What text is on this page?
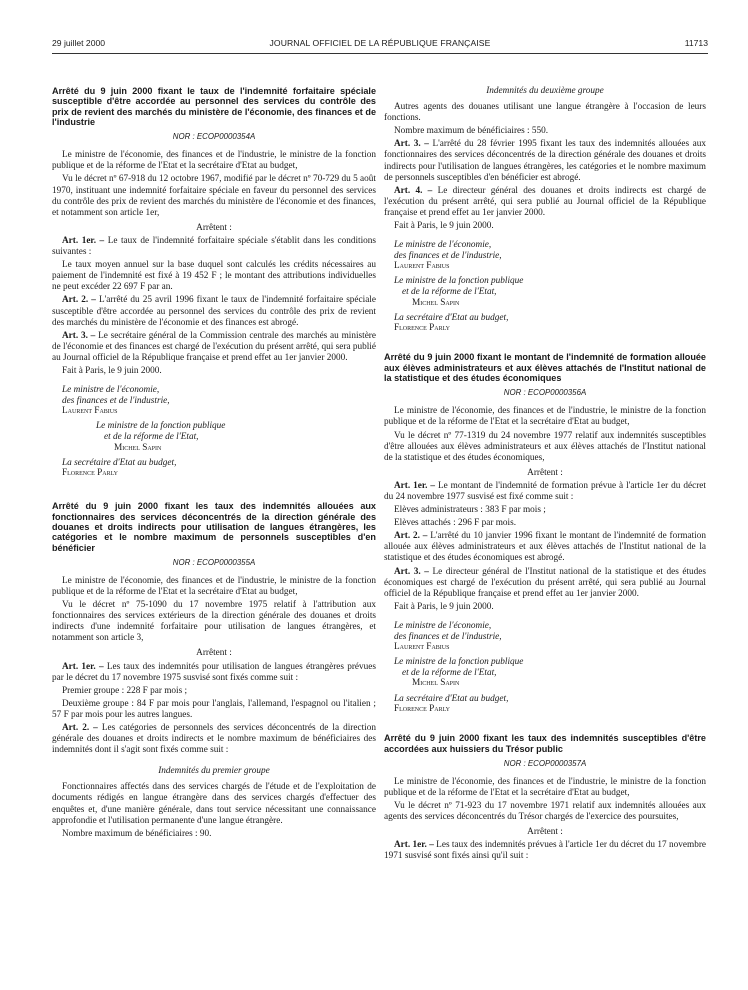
29 juillet 2000	JOURNAL OFFICIEL DE LA RÉPUBLIQUE FRANÇAISE	11713

Arrêté du 9 juin 2000 fixant le taux de l'indemnité forfaitaire spéciale susceptible d'être accordée au personnel des services du contrôle des prix de revient des marchés du ministère de l'économie, des finances et de l'industrie

NOR : ECOP0000354A

Le ministre de l'économie, des finances et de l'industrie, le ministre de la fonction publique et de la réforme de l'Etat et la secrétaire d'Etat au budget,

Vu le décret nº 67-918 du 12 octobre 1967, modifié par le décret nº 70-729 du 5 août 1970, instituant une indemnité forfaitaire spéciale en faveur du personnel des services du contrôle des prix de revient des marchés du ministère de l'économie et des finances, et notamment son article 1er,

Arrêtent :

Art. 1er. – Le taux de l'indemnité forfaitaire spéciale s'établit dans les conditions suivantes :

Le taux moyen annuel sur la base duquel sont calculés les crédits nécessaires au paiement de l'indemnité est fixé à 19 452 F ; le montant des attributions individuelles ne peut excéder 22 697 F par an.

Art. 2. – L'arrêté du 25 avril 1996 fixant le taux de l'indemnité forfaitaire spéciale susceptible d'être accordée au personnel des services du contrôle des prix de revient des marchés du ministère de l'économie et des finances est abrogé.

Art. 3. – Le secrétaire général de la Commission centrale des marchés au ministère de l'économie et des finances est chargé de l'exécution du présent arrêté, qui sera publié au Journal officiel de la République française et prend effet au 1er janvier 2000.

Fait à Paris, le 9 juin 2000.

Le ministre de l'économie,

des finances et de l'industrie,

Laurent Fabius

Le ministre de la fonction publique

et de la réforme de l'Etat,

Michel Sapin

La secrétaire d'Etat au budget,

Florence Parly

Arrêté du 9 juin 2000 fixant les taux des indemnités allouées aux fonctionnaires des services déconcentrés de la direction générale des douanes et droits indirects pour utilisation de langues étrangères, les catégories et le nombre maximum de personnels susceptibles d'en bénéficier

NOR : ECOP0000355A

Le ministre de l'économie, des finances et de l'industrie, le ministre de la fonction publique et de la réforme de l'Etat et la secrétaire d'Etat au budget,

Vu le décret nº 75-1090 du 17 novembre 1975 relatif à l'attribution aux fonctionnaires des services extérieurs de la direction générale des douanes et droits indirects d'une indemnité forfaitaire pour utilisation de langues étrangères, et notamment son article 3,

Arrêtent :

Art. 1er. – Les taux des indemnités pour utilisation de langues étrangères prévues par le décret du 17 novembre 1975 susvisé sont fixés comme suit :

Premier groupe : 228 F par mois ;

Deuxième groupe : 84 F par mois pour l'anglais, l'allemand, l'espagnol ou l'italien ; 57 F par mois pour les autres langues.

Art. 2. – Les catégories de personnels des services déconcentrés de la direction générale des douanes et droits indirects et le nombre maximum de bénéficiaires des indemnités dont il s'agit sont fixés comme suit :

Indemnités du premier groupe

Fonctionnaires affectés dans des services chargés de l'étude et de l'exploitation de documents rédigés en langue étrangère dans des services chargés d'effectuer des enquêtes et, d'une manière générale, dans tout service nécessitant une connaissance approfondie et l'utilisation permanente d'une langue étrangère.

Nombre maximum de bénéficiaires : 90.

Indemnités du deuxième groupe

Autres agents des douanes utilisant une langue étrangère à l'occasion de leurs fonctions.

Nombre maximum de bénéficiaires : 550.

Art. 3. – L'arrêté du 28 février 1995 fixant les taux des indemnités allouées aux fonctionnaires des services déconcentrés de la direction générale des douanes et droits indirects pour l'utilisation de langues étrangères, les catégories et le nombre maximum de personnels susceptibles d'en bénéficier est abrogé.

Art. 4. – Le directeur général des douanes et droits indirects est chargé de l'exécution du présent arrêté, qui sera publié au Journal officiel de la République française et prend effet au 1er janvier 2000.

Fait à Paris, le 9 juin 2000.

Le ministre de l'économie,

des finances et de l'industrie,

Laurent Fabius

Le ministre de la fonction publique

et de la réforme de l'Etat,

Michel Sapin

La secrétaire d'Etat au budget,

Florence Parly

Arrêté du 9 juin 2000 fixant le montant de l'indemnité de formation allouée aux élèves administrateurs et aux élèves attachés de l'Institut national de la statistique et des études économiques

NOR : ECOP0000356A

Le ministre de l'économie, des finances et de l'industrie, le ministre de la fonction publique et de la réforme de l'Etat et la secrétaire d'Etat au budget,

Vu le décret nº 77-1319 du 24 novembre 1977 relatif aux indemnités susceptibles d'être allouées aux élèves administrateurs et aux élèves attachés de l'Institut national de la statistique et des études économiques,

Arrêtent :

Art. 1er. – Le montant de l'indemnité de formation prévue à l'article 1er du décret du 24 novembre 1977 susvisé est fixé comme suit :

Elèves administrateurs : 383 F par mois ;

Elèves attachés : 296 F par mois.

Art. 2. – L'arrêté du 10 janvier 1996 fixant le montant de l'indemnité de formation allouée aux élèves administrateurs et aux élèves attachés de l'Institut national de la statistique et des études économiques est abrogé.

Art. 3. – Le directeur général de l'Institut national de la statistique et des études économiques est chargé de l'exécution du présent arrêté, qui sera publié au Journal officiel de la République française et prend effet au 1er janvier 2000.

Fait à Paris, le 9 juin 2000.

Le ministre de l'économie,

des finances et de l'industrie,

Laurent Fabius

Le ministre de la fonction publique

et de la réforme de l'Etat,

Michel Sapin

La secrétaire d'Etat au budget,

Florence Parly

Arrêté du 9 juin 2000 fixant les taux des indemnités susceptibles d'être accordées aux huissiers du Trésor public

NOR : ECOP0000357A

Le ministre de l'économie, des finances et de l'industrie, le ministre de la fonction publique et de la réforme de l'Etat et la secrétaire d'Etat au budget,

Vu le décret nº 71-923 du 17 novembre 1971 relatif aux indemnités allouées aux agents des services déconcentrés du Trésor chargés de l'exercice des poursuites,

Arrêtent :

Art. 1er. – Les taux des indemnités prévues à l'article 1er du décret du 17 novembre 1971 susvisé sont fixés ainsi qu'il suit :
